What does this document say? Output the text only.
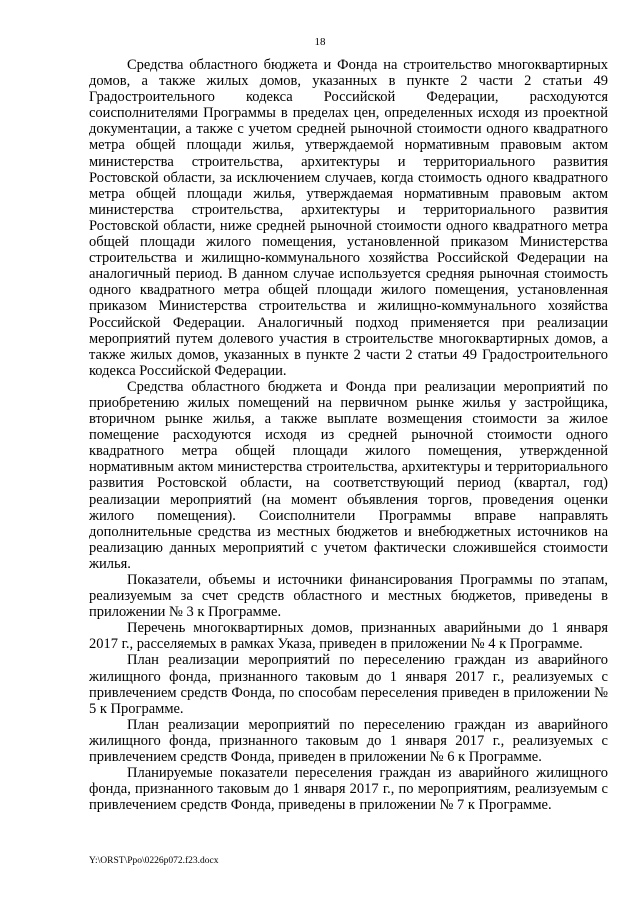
18

Средства областного бюджета и Фонда на строительство многоквартирных домов, а также жилых домов, указанных в пункте 2 части 2 статьи 49 Градостроительного кодекса Российской Федерации, расходуются соисполнителями Программы в пределах цен, определенных исходя из проектной документации, а также с учетом средней рыночной стоимости одного квадратного метра общей площади жилья, утверждаемой нормативным правовым актом министерства строительства, архитектуры и территориального развития Ростовской области, за исключением случаев, когда стоимость одного квадратного метра общей площади жилья, утверждаемая нормативным правовым актом министерства строительства, архитектуры и территориального развития Ростовской области, ниже средней рыночной стоимости одного квадратного метра общей площади жилого помещения, установленной приказом Министерства строительства и жилищно-коммунального хозяйства Российской Федерации на аналогичный период. В данном случае используется средняя рыночная стоимость одного квадратного метра общей площади жилого помещения, установленная приказом Министерства строительства и жилищно-коммунального хозяйства Российской Федерации. Аналогичный подход применяется при реализации мероприятий путем долевого участия в строительстве многоквартирных домов, а также жилых домов, указанных в пункте 2 части 2 статьи 49 Градостроительного кодекса Российской Федерации.

Средства областного бюджета и Фонда при реализации мероприятий по приобретению жилых помещений на первичном рынке жилья у застройщика, вторичном рынке жилья, а также выплате возмещения стоимости за жилое помещение расходуются исходя из средней рыночной стоимости одного квадратного метра общей площади жилого помещения, утвержденной нормативным актом министерства строительства, архитектуры и территориального развития Ростовской области, на соответствующий период (квартал, год) реализации мероприятий (на момент объявления торгов, проведения оценки жилого помещения). Соисполнители Программы вправе направлять дополнительные средства из местных бюджетов и внебюджетных источников на реализацию данных мероприятий с учетом фактически сложившейся стоимости жилья.

Показатели, объемы и источники финансирования Программы по этапам, реализуемым за счет средств областного и местных бюджетов, приведены в приложении № 3 к Программе.

Перечень многоквартирных домов, признанных аварийными до 1 января 2017 г., расселяемых в рамках Указа, приведен в приложении № 4 к Программе.

План реализации мероприятий по переселению граждан из аварийного жилищного фонда, признанного таковым до 1 января 2017 г., реализуемых с привлечением средств Фонда, по способам переселения приведен в приложении № 5 к Программе.

План реализации мероприятий по переселению граждан из аварийного жилищного фонда, признанного таковым до 1 января 2017 г., реализуемых с привлечением средств Фонда, приведен в приложении № 6 к Программе.

Планируемые показатели переселения граждан из аварийного жилищного фонда, признанного таковым до 1 января 2017 г., по мероприятиям, реализуемым с привлечением средств Фонда, приведены в приложении № 7 к Программе.

Y:\ORST\Ppo\0226p072.f23.docx
